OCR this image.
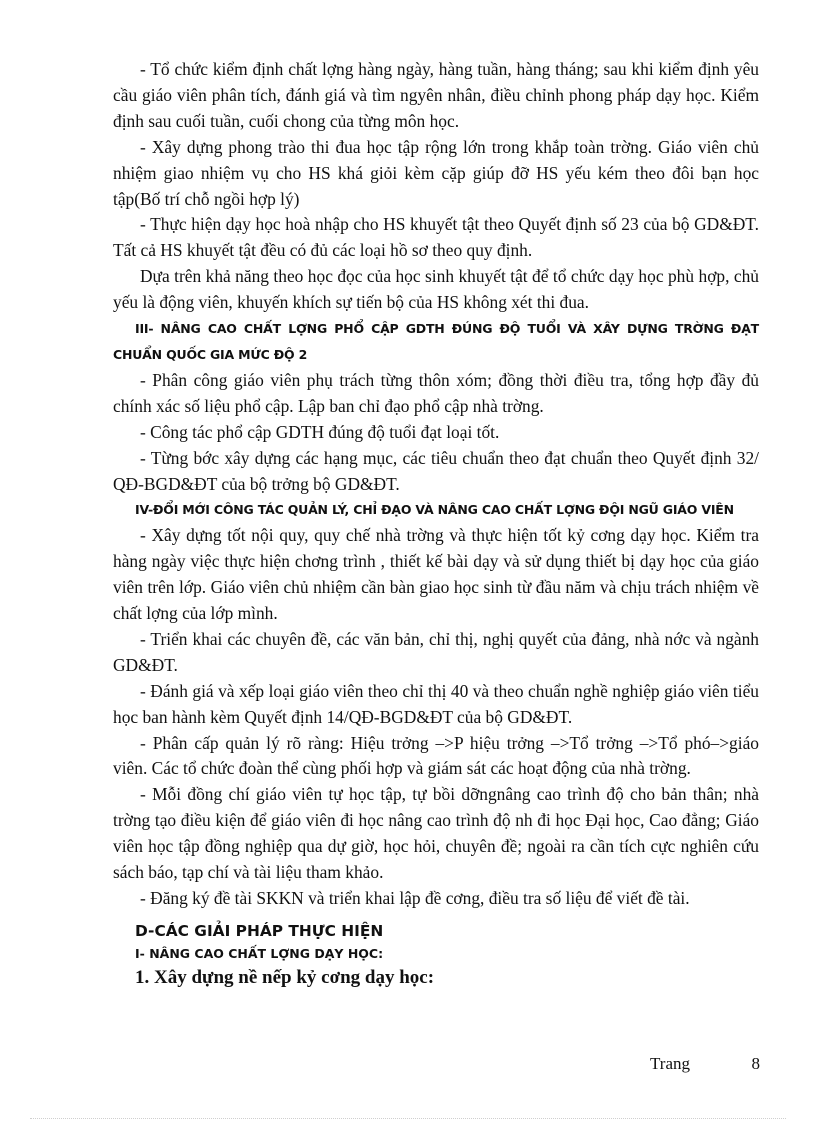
- Tổ chức kiểm định chất lợng hàng ngày, hàng tuần, hàng tháng; sau khi kiểm định yêu cầu giáo viên phân tích, đánh giá và tìm ngyên nhân, điều chỉnh phong pháp dạy học. Kiểm định sau cuối tuần, cuối chong của từng môn học.

- Xây dựng phong trào thi đua học tập rộng lớn trong khắp toàn trờng. Giáo viên chủ nhiệm giao nhiệm vụ cho HS khá giỏi kèm cặp giúp đỡ HS yếu kém theo đôi bạn học tập(Bố trí chỗ ngồi hợp lý)

- Thực hiện dạy học hoà nhập cho HS khuyết tật theo Quyết định số 23 của bộ GD&ĐT. Tất cả HS khuyết tật đều có đủ các loại hồ sơ theo quy định.

Dựa trên khả năng theo học đọc của học sinh khuyết tật để tổ chức dạy học phù hợp, chủ yếu là động viên, khuyến khích sự tiến bộ của HS không xét thi đua.

III- NÂNG CAO CHẤT LỢNG PHỔ CẬP GDTH ĐÚNG ĐỘ TUỔI VÀ XÂY DỰNG TRỜNG ĐẠT CHUẨN QUỐC GIA MỨC ĐỘ 2

- Phân công giáo viên phụ trách từng thôn xóm; đồng thời điều tra, tổng hợp đầy đủ chính xác số liệu phổ cập. Lập ban chỉ đạo phổ cập nhà trờng.

- Công tác phổ cập GDTH đúng độ tuổi đạt loại tốt.

- Từng bớc xây dựng các hạng mục, các tiêu chuẩn theo đạt chuẩn theo Quyết định 32/ QĐ-BGD&ĐT của bộ trởng bộ GD&ĐT.

IV-ĐỔI MỚI CÔNG TÁC QUẢN LÝ, CHỈ ĐẠO VÀ NÂNG CAO CHẤT LỢNG ĐỘI NGŨ GIÁO VIÊN

- Xây dựng tốt nội quy, quy chế nhà trờng và thực hiện tốt kỷ cơng dạy học. Kiểm tra hàng ngày việc thực hiện chơng trình , thiết kế bài dạy và sử dụng thiết bị dạy học của giáo viên trên lớp. Giáo viên chủ nhiệm cần bàn giao học sinh từ đầu năm và chịu trách nhiệm về chất lợng của lớp mình.

- Triển khai các chuyên đề, các văn bản, chỉ thị, nghị quyết của đảng, nhà nớc và ngành GD&ĐT.

- Đánh giá và xếp loại giáo viên theo chỉ thị 40 và theo chuẩn nghề nghiệp giáo viên tiểu học ban hành kèm Quyết định 14/QĐ-BGD&ĐT của bộ GD&ĐT.

- Phân cấp quản lý rõ ràng: Hiệu trởng –>P hiệu trởng –>Tổ trởng –>Tổ phó–>giáo viên. Các tổ chức đoàn thể cùng phối hợp và giám sát các hoạt động của nhà trờng.

- Mỗi đồng chí giáo viên tự học tập, tự bồi dỡngnâng cao trình độ cho bản thân; nhà trờng tạo điều kiện để giáo viên đi học nâng cao trình độ nh đi học Đại học, Cao đẳng; Giáo viên học tập đồng nghiệp qua dự giờ, học hỏi, chuyên đề; ngoài ra cần tích cực nghiên cứu sách báo, tạp chí và tài liệu tham khảo.

- Đăng ký đề tài SKKN và triển khai lập đề cơng, điều tra số liệu để viết đề tài.

D-CÁC GIẢI PHÁP THỰC HIỆN

I- NÂNG CAO CHẤT LỢNG DẠY HỌC:

1. Xây dựng nề nếp kỷ cơng dạy học:

Trang	8
